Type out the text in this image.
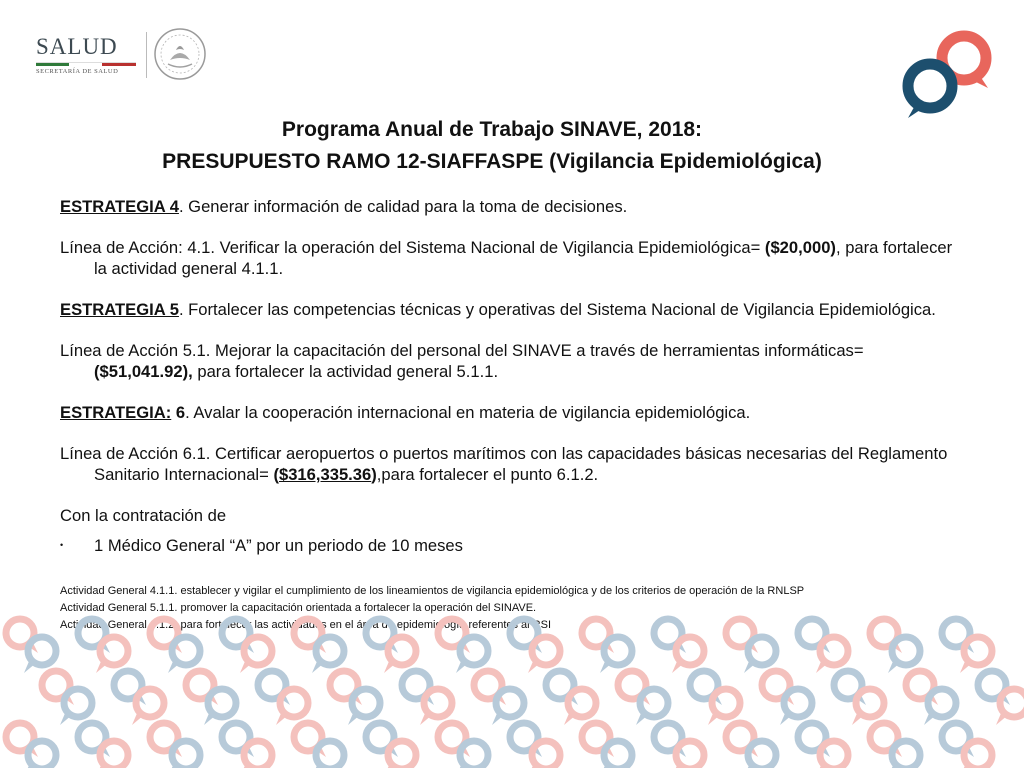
SALUD
SECRETARÍA DE SALUD
Programa Anual de Trabajo SINAVE, 2018:
PRESUPUESTO RAMO 12-SIAFFASPE (Vigilancia Epidemiológica)

ESTRATEGIA 4. Generar información de calidad para la toma de decisiones.

Línea de Acción: 4.1. Verificar la operación del Sistema Nacional de Vigilancia Epidemiológica= ($20,000), para fortalecer la actividad general 4.1.1.

ESTRATEGIA 5. Fortalecer las competencias técnicas y operativas del Sistema Nacional de Vigilancia Epidemiológica.

Línea de Acción 5.1. Mejorar la capacitación del personal del SINAVE a través de herramientas informáticas= ($51,041.92), para fortalecer la actividad general 5.1.1.

ESTRATEGIA: 6. Avalar la cooperación internacional en materia de vigilancia epidemiológica.

Línea de Acción 6.1. Certificar aeropuertos o puertos marítimos con las capacidades básicas necesarias del Reglamento Sanitario Internacional= ($316,335.36),para fortalecer el punto 6.1.2.

Con la contratación de

•	1 Médico General “A” por un periodo de 10 meses
Actividad General 4.1.1. establecer y vigilar el cumplimiento de los lineamientos de vigilancia epidemiológica y de los criterios de operación de la RNLSP
Actividad General 5.1.1. promover la capacitación orientada a fortalecer la operación del SINAVE.
Actividad General 6.1.2. para fortalecer las actividades en el área de epidemiología referentes al RSI
